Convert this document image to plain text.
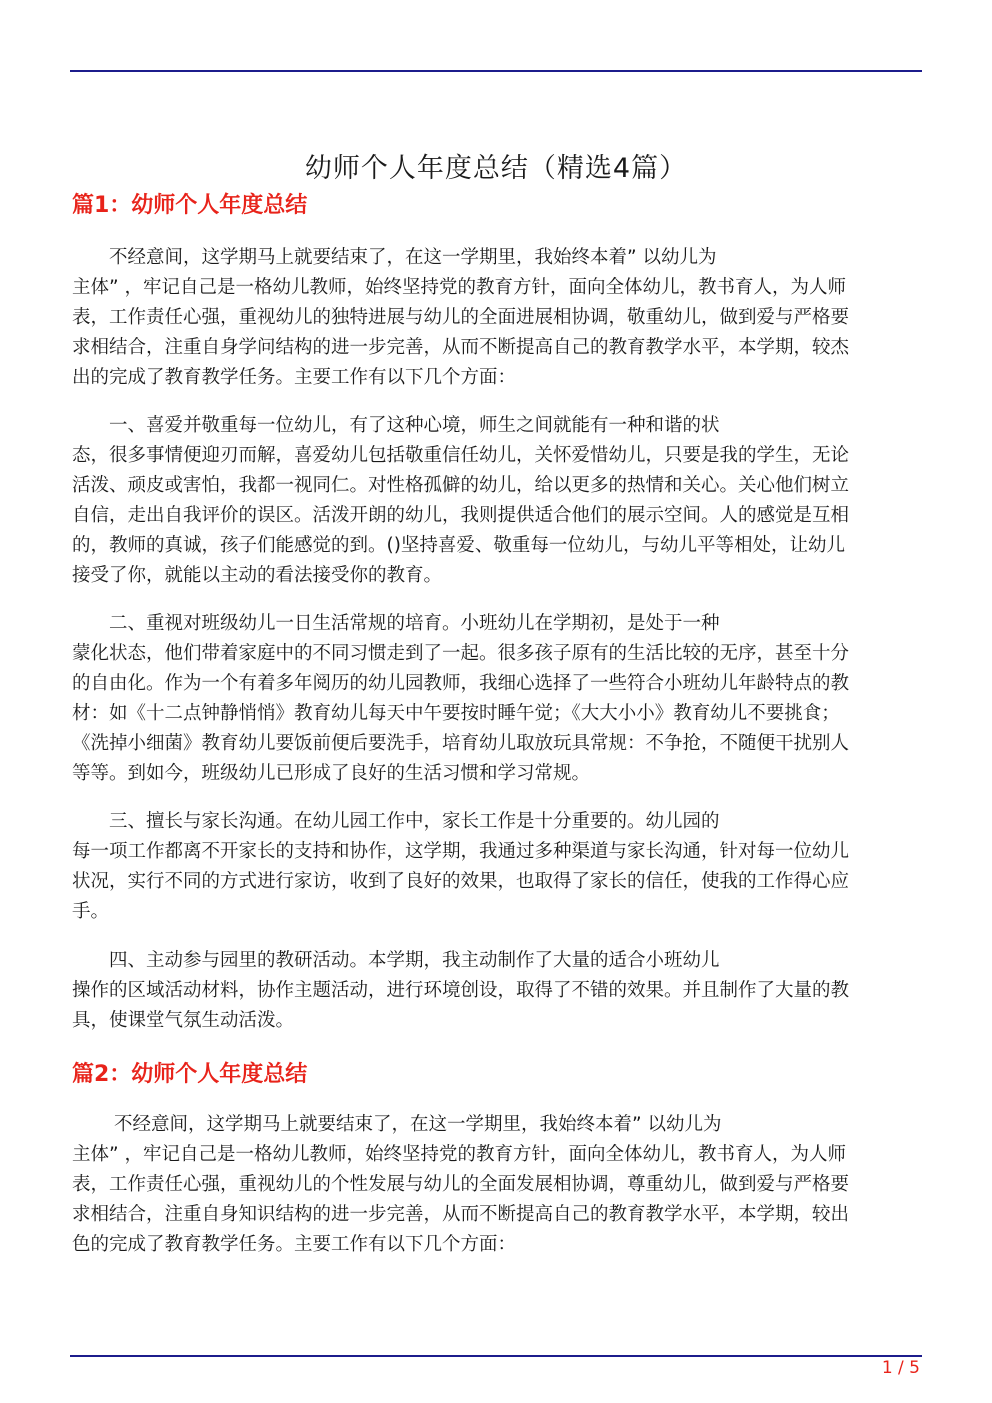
幼师个人年度总结（精选4篇）
篇1：幼师个人年度总结

不经意间，这学期马上就要结束了，在这一学期里，我始终本着” 以幼儿为
主体” ，牢记自己是一格幼儿教师，始终坚持党的教育方针，面向全体幼儿，教书育人，为人师
表，工作责任心强，重视幼儿的独特进展与幼儿的全面进展相协调，敬重幼儿，做到爱与严格要
求相结合，注重自身学问结构的进一步完善，从而不断提高自己的教育教学水平，本学期，较杰
出的完成了教育教学任务。主要工作有以下几个方面：

一、喜爱并敬重每一位幼儿，有了这种心境，师生之间就能有一种和谐的状
态，很多事情便迎刃而解，喜爱幼儿包括敬重信任幼儿，关怀爱惜幼儿，只要是我的学生，无论
活泼、顽皮或害怕，我都一视同仁。对性格孤僻的幼儿，给以更多的热情和关心。关心他们树立
自信，走出自我评价的误区。活泼开朗的幼儿，我则提供适合他们的展示空间。人的感觉是互相
的，教师的真诚，孩子们能感觉的到。()坚持喜爱、敬重每一位幼儿，与幼儿平等相处，让幼儿
接受了你，就能以主动的看法接受你的教育。

二、重视对班级幼儿一日生活常规的培育。小班幼儿在学期初，是处于一种
蒙化状态，他们带着家庭中的不同习惯走到了一起。很多孩子原有的生活比较的无序，甚至十分
的自由化。作为一个有着多年阅历的幼儿园教师，我细心选择了一些符合小班幼儿年龄特点的教
材：如《十二点钟静悄悄》教育幼儿每天中午要按时睡午觉；《大大小小》教育幼儿不要挑食；
《洗掉小细菌》教育幼儿要饭前便后要洗手，培育幼儿取放玩具常规：不争抢，不随便干扰别人
等等。到如今，班级幼儿已形成了良好的生活习惯和学习常规。

三、擅长与家长沟通。在幼儿园工作中，家长工作是十分重要的。幼儿园的
每一项工作都离不开家长的支持和协作，这学期，我通过多种渠道与家长沟通，针对每一位幼儿
状况，实行不同的方式进行家访，收到了良好的效果，也取得了家长的信任，使我的工作得心应
手。

四、主动参与园里的教研活动。本学期，我主动制作了大量的适合小班幼儿
操作的区域活动材料，协作主题活动，进行环境创设，取得了不错的效果。并且制作了大量的教
具，使课堂气氛生动活泼。

篇2：幼师个人年度总结

不经意间，这学期马上就要结束了，在这一学期里，我始终本着” 以幼儿为
主体” ，牢记自己是一格幼儿教师，始终坚持党的教育方针，面向全体幼儿，教书育人，为人师
表，工作责任心强，重视幼儿的个性发展与幼儿的全面发展相协调，尊重幼儿，做到爱与严格要
求相结合，注重自身知识结构的进一步完善，从而不断提高自己的教育教学水平，本学期，较出
色的完成了教育教学任务。主要工作有以下几个方面：

1 / 5
